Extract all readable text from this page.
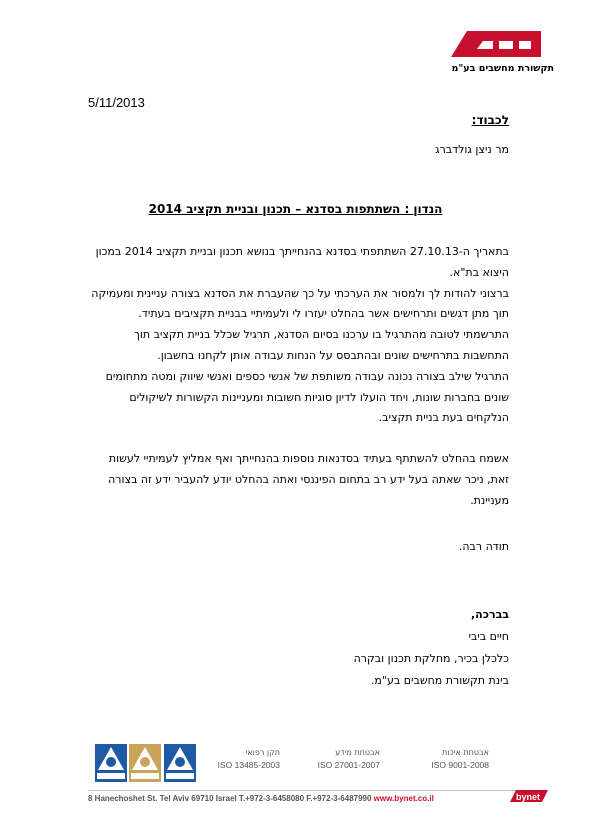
תקשורת מחשבים בע"מ
5/11/2013
לכבוד:
מר ניצן גולדברג
הנדון : השתתפות בסדנא – תכנון ובניית תקציב 2014
בתאריך ה-27.10.13 השתתפתי בסדנא בהנחייתך בנושא תכנון ובניית תקציב 2014 במכון היצוא בת"א.
ברצוני להודות לך ולמסור את הערכתי על כך שהעברת את הסדנא בצורה עניינית ומעמיקה תוך מתן דגשים ותרחישים אשר בהחלט יעזרו לי ולעמיתיי בבניית תקציבים בעתיד.
התרשמתי לטובה מהתרגיל בו ערכנו בסיום הסדנא, תרגיל שכלל בניית תקציב תוך התחשבות בתרחישים שונים ובהתבסס על הנחות עבודה אותן לקחנו בחשבון.
התרגיל שילב בצורה נכונה עבודה משותפת של אנשי כספים ואנשי שיווק ומטה מתחומים שונים בחברות שונות, ויחד הועלו לדיון סוגיות חשובות ומעניינות הקשורות לשיקולים הנלקחים בעת בניית תקציב.
אשמח בהחלט להשתתף בעתיד בסדנאות נוספות בהנחייתך ואף אמליץ לעמיתיי לעשות זאת, ניכר שאתה בעל ידע רב בתחום הפיננסי ואתה בהחלט יודע להעביר ידע זה בצורה מעניינת.
תודה רבה.
בברכה,
חיים ביבי
כלכלן בכיר, מחלקת תכנון ובקרה
בינת תקשורת מחשבים בע"מ.
תקן רפואי
ISO 13485-2003
אבטחת מידע
ISO 27001-2007
אבטחת איכות
ISO 9001-2008
8 Hanechoshet St. Tel Aviv 69710 Israel T.+972-3-6458080 F.+972-3-6487990 www.bynet.co.il	bynet
